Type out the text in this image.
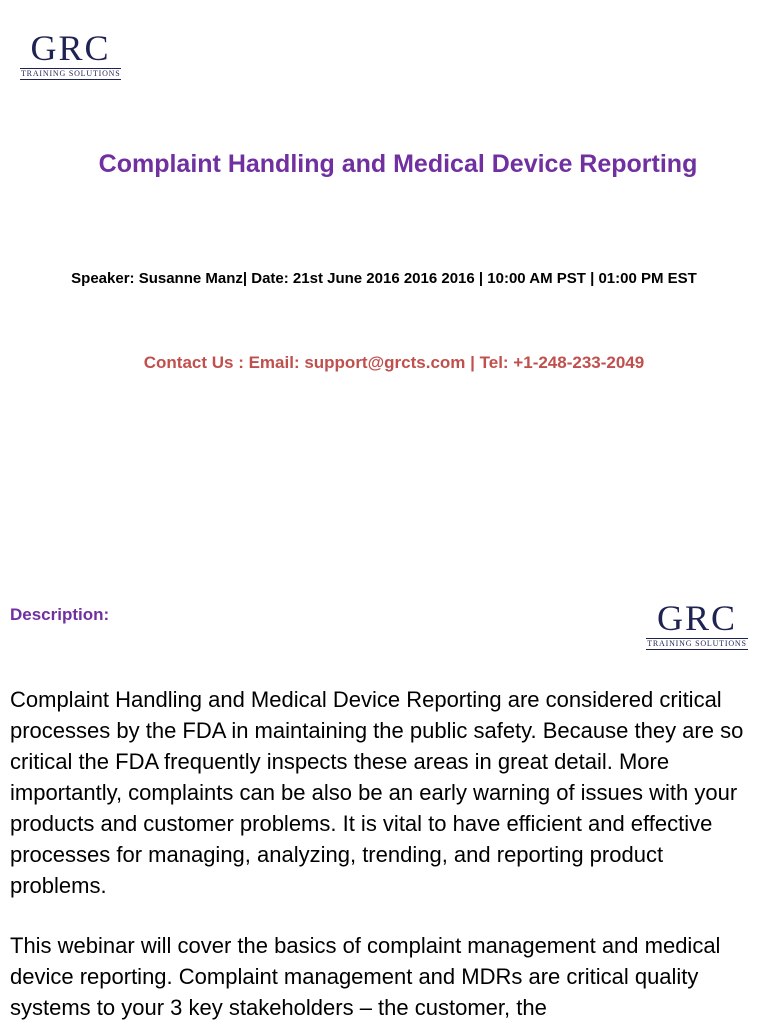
GRC
TRAINING SOLUTIONS
Complaint Handling and Medical Device Reporting
Speaker: Susanne Manz| Date: 21st June 2016 2016 2016 | 10:00 AM PST | 01:00 PM EST
Contact Us : Email: support@grcts.com | Tel: +1-248-233-2049
Description:

Complaint Handling and Medical Device Reporting are considered critical processes by the FDA in maintaining the public safety. Because they are so critical the FDA frequently inspects these areas in great detail. More importantly, complaints can be also be an early warning of issues with your products and customer problems. It is vital to have efficient and effective processes for managing, analyzing, trending, and reporting product problems.

This webinar will cover the basics of complaint management and medical device reporting. Complaint management and MDRs are critical quality systems to your 3 key stakeholders – the customer, the

GRC
TRAINING SOLUTIONS
